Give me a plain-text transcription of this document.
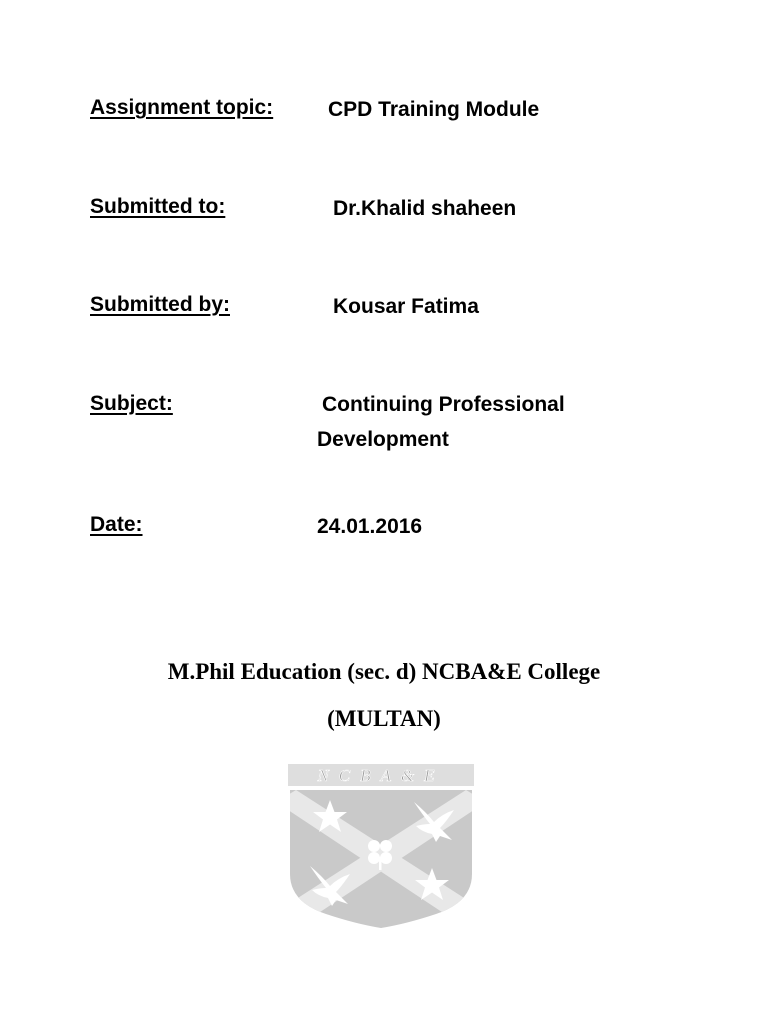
Assignment topic:	CPD Training Module
Submitted to:	Dr.Khalid shaheen
Submitted by:	Kousar Fatima
Subject:	Continuing Professional
Development
Date:	24.01.2016
M.Phil Education (sec. d) NCBA&E College
(MULTAN)
NCBA&E
